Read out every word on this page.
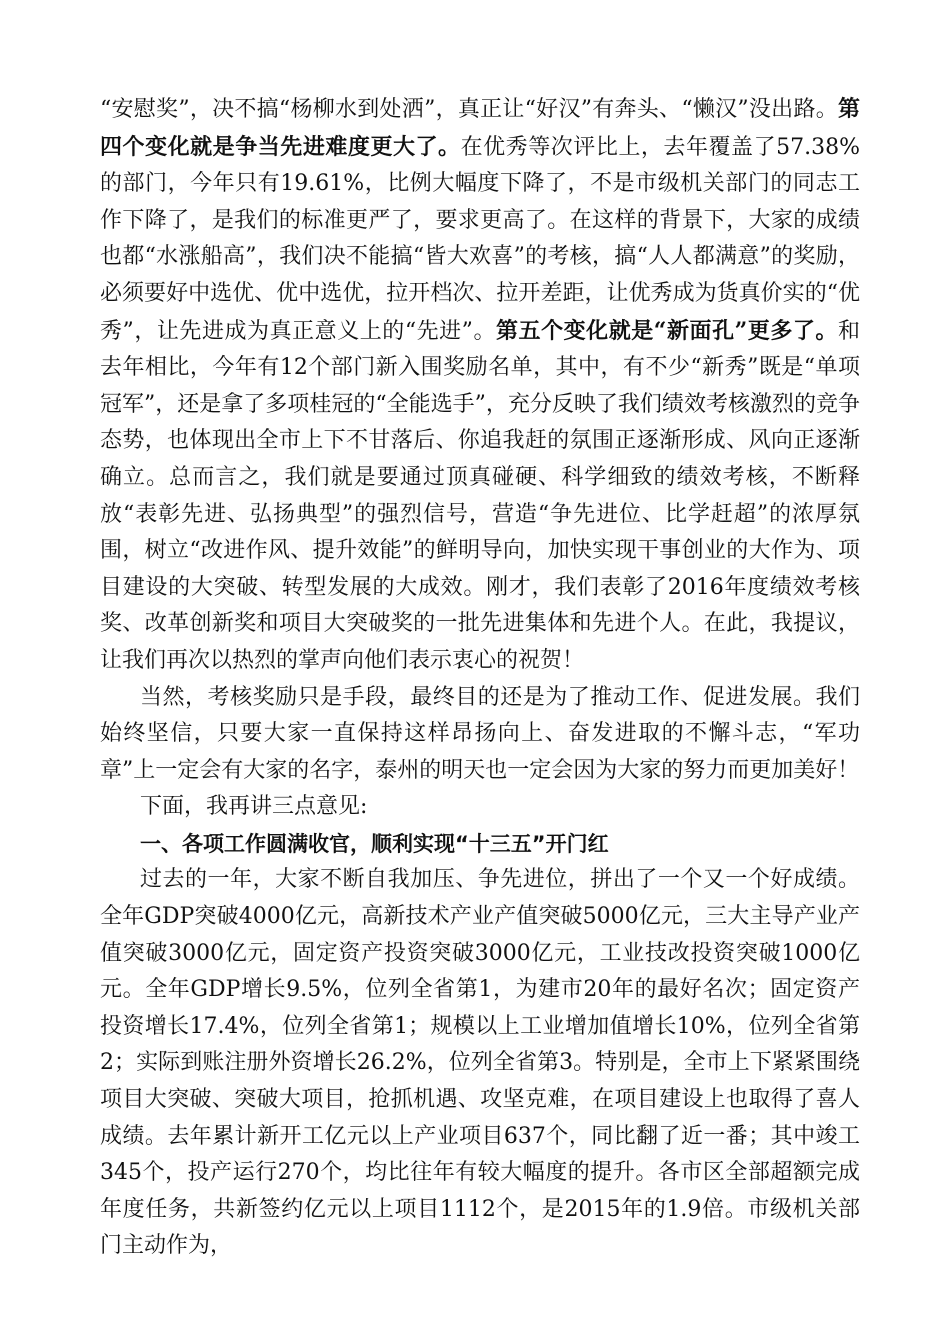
“安慰奖”，决不搞“杨柳水到处洒”，真正让“好汉”有奔头、“懒汉”没出路。第四个变化就是争当先进难度更大了。在优秀等次评比上，去年覆盖了57.38%的部门，今年只有19.61%，比例大幅度下降了，不是市级机关部门的同志工作下降了，是我们的标准更严了，要求更高了。在这样的背景下，大家的成绩也都“水涨船高”，我们决不能搞“皆大欢喜”的考核，搞“人人都满意”的奖励，必须要好中选优、优中选优，拉开档次、拉开差距，让优秀成为货真价实的“优秀”，让先进成为真正意义上的“先进”。第五个变化就是“新面孔”更多了。和去年相比，今年有12个部门新入围奖励名单，其中，有不少“新秀”既是“单项冠军”，还是拿了多项桂冠的“全能选手”，充分反映了我们绩效考核激烈的竞争态势，也体现出全市上下不甘落后、你追我赶的氛围正逐渐形成、风向正逐渐确立。总而言之，我们就是要通过顶真碰硬、科学细致的绩效考核，不断释放“表彰先进、弘扬典型”的强烈信号，营造“争先进位、比学赶超”的浓厚氛围，树立“改进作风、提升效能”的鲜明导向，加快实现干事创业的大作为、项目建设的大突破、转型发展的大成效。刚才，我们表彰了2016年度绩效考核奖、改革创新奖和项目大突破奖的一批先进集体和先进个人。在此，我提议，让我们再次以热烈的掌声向他们表示衷心的祝贺！

当然，考核奖励只是手段，最终目的还是为了推动工作、促进发展。我们始终坚信，只要大家一直保持这样昂扬向上、奋发进取的不懈斗志，“军功章”上一定会有大家的名字，泰州的明天也一定会因为大家的努力而更加美好！

下面，我再讲三点意见:

一、各项工作圆满收官，顺利实现“十三五”开门红

过去的一年，大家不断自我加压、争先进位，拼出了一个又一个好成绩。全年GDP突破4000亿元，高新技术产业产值突破5000亿元，三大主导产业产值突破3000亿元，固定资产投资突破3000亿元，工业技改投资突破1000亿元。全年GDP增长9.5%，位列全省第1，为建市20年的最好名次；固定资产投资增长17.4%，位列全省第1；规模以上工业增加值增长10%，位列全省第2；实际到账注册外资增长26.2%，位列全省第3。特别是，全市上下紧紧围绕项目大突破、突破大项目，抢抓机遇、攻坚克难，在项目建设上也取得了喜人成绩。去年累计新开工亿元以上产业项目637个，同比翻了近一番；其中竣工345个，投产运行270个，均比往年有较大幅度的提升。各市区全部超额完成年度任务，共新签约亿元以上项目1112个，是2015年的1.9倍。市级机关部门主动作为，
